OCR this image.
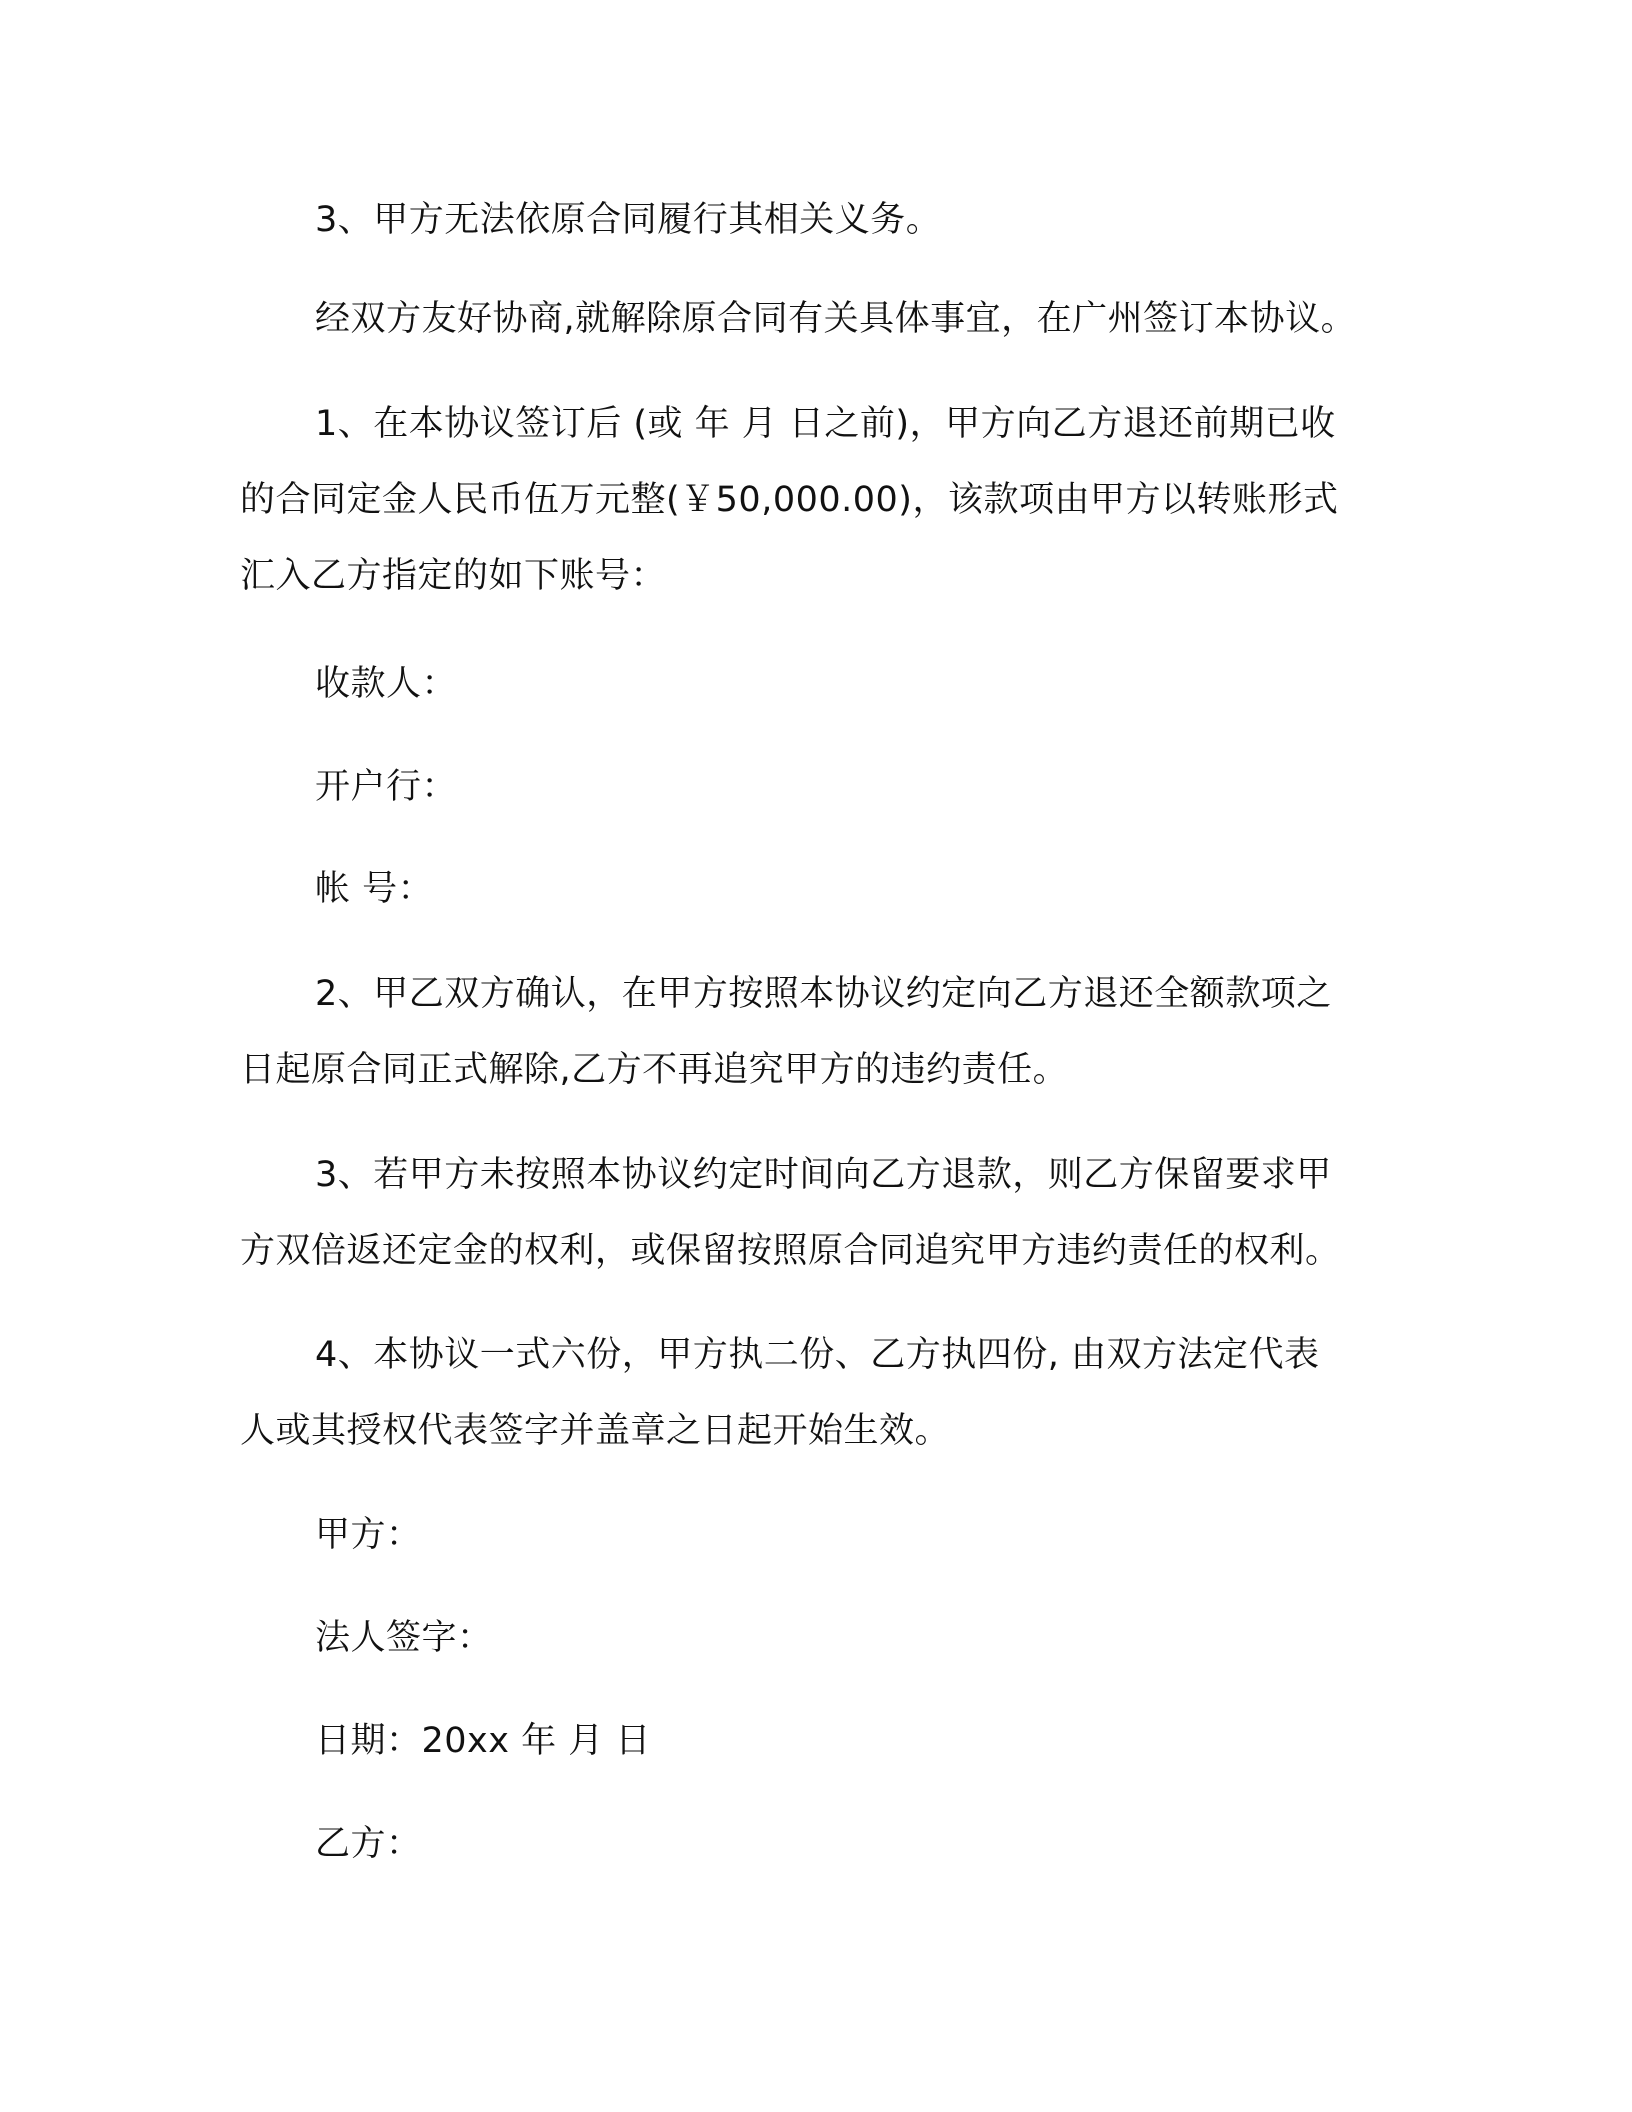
3、甲方无法依原合同履行其相关义务。

经双方友好协商,就解除原合同有关具体事宜，在广州签订本协议。

1、在本协议签订后 (或 年 月 日之前)，甲方向乙方退还前期已收
的合同定金人民币伍万元整(￥50,000.00)，该款项由甲方以转账形式
汇入乙方指定的如下账号：

收款人：

开户行：

帐 号：

2、甲乙双方确认，在甲方按照本协议约定向乙方退还全额款项之
日起原合同正式解除,乙方不再追究甲方的违约责任。

3、若甲方未按照本协议约定时间向乙方退款，则乙方保留要求甲
方双倍返还定金的权利，或保留按照原合同追究甲方违约责任的权利。

4、本协议一式六份，甲方执二份、乙方执四份, 由双方法定代表
人或其授权代表签字并盖章之日起开始生效。

甲方：

法人签字：

日期：20xx 年 月 日

乙方：
